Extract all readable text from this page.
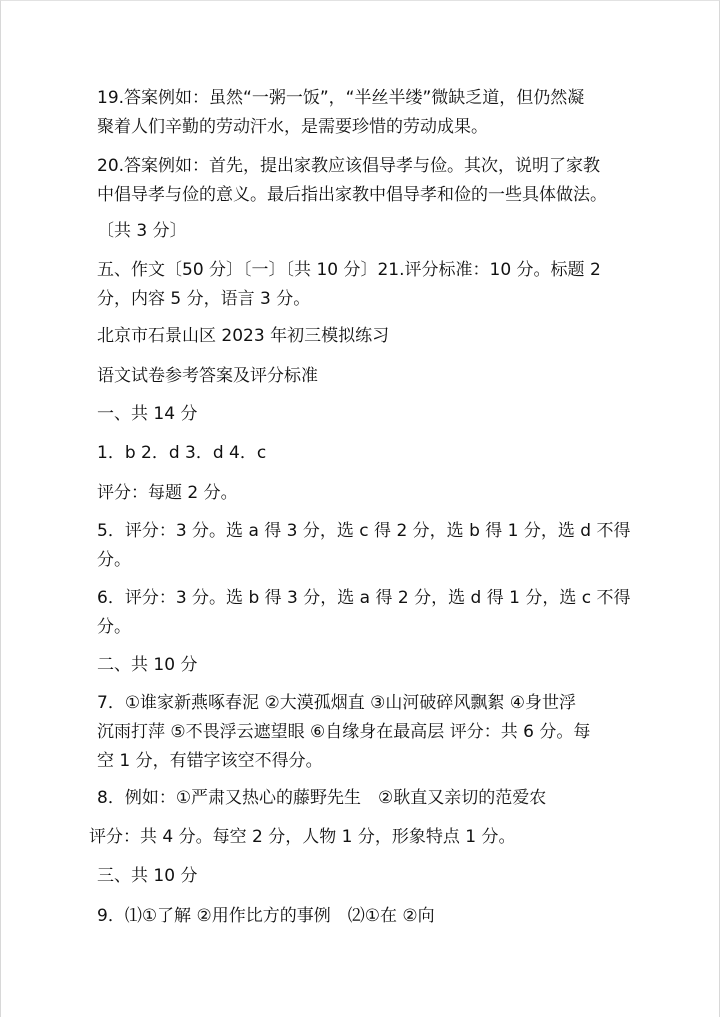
19.答案例如：虽然“一粥一饭”，“半丝半缕”微缺乏道，但仍然凝
聚着人们辛勤的劳动汗水，是需要珍惜的劳动成果。
20.答案例如：首先，提出家教应该倡导孝与俭。其次，说明了家教
中倡导孝与俭的意义。最后指出家教中倡导孝和俭的一些具体做法。
〔共 3 分〕
五、作文〔50 分〕〔一〕〔共 10 分〕21.评分标准：10 分。标题 2
分，内容 5 分，语言 3 分。
北京市石景山区 2023 年初三模拟练习
语文试卷参考答案及评分标准
一、共 14 分
1．b 2．d 3．d 4．c
评分：每题 2 分。
5．评分：3 分。选 a 得 3 分，选 c 得 2 分，选 b 得 1 分，选 d 不得
分。
6．评分：3 分。选 b 得 3 分，选 a 得 2 分，选 d 得 1 分，选 c 不得
分。
二、共 10 分
7．①谁家新燕啄春泥 ②大漠孤烟直 ③山河破碎风飘絮 ④身世浮
沉雨打萍 ⑤不畏浮云遮望眼 ⑥自缘身在最高层 评分：共 6 分。每
空 1 分，有错字该空不得分。
8．例如：①严肃又热心的藤野先生　②耿直又亲切的范爱农
评分：共 4 分。每空 2 分，人物 1 分，形象特点 1 分。
三、共 10 分
9．⑴①了解 ②用作比方的事例　⑵①在 ②向
